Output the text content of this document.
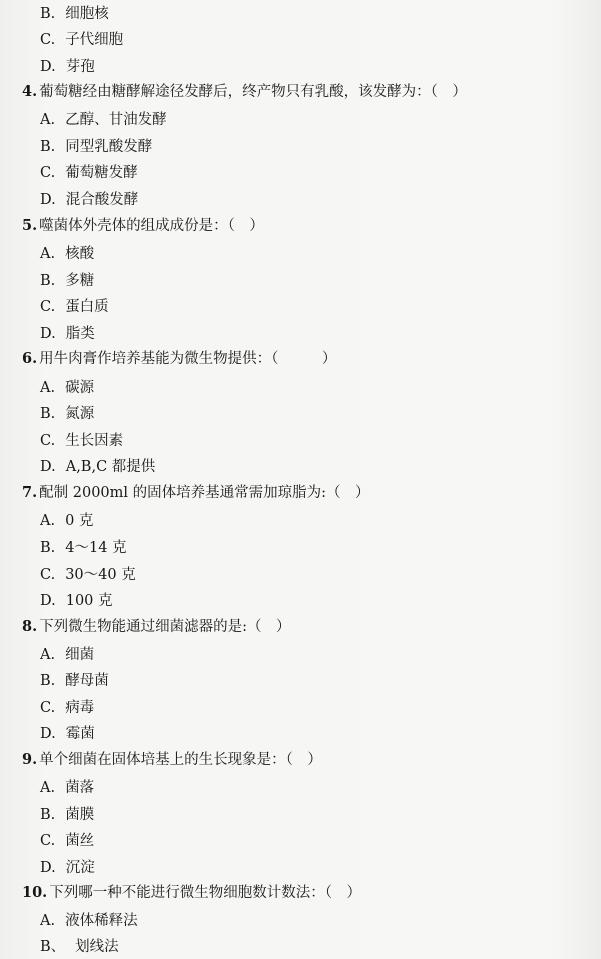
B. 细胞核
C. 子代细胞
D. 芽孢
4. 葡萄糖经由糖酵解途径发酵后，终产物只有乳酸，该发酵为：（　）
A. 乙醇、甘油发酵
B. 同型乳酸发酵
C. 葡萄糖发酵
D. 混合酸发酵
5. 噬菌体外壳体的组成成份是：（　）
A. 核酸
B. 多糖
C. 蛋白质
D. 脂类
6. 用牛肉膏作培养基能为微生物提供：（　　　）
A. 碳源
B. 氮源
C. 生长因素
D. A,B,C 都提供
7. 配制 2000ml 的固体培养基通常需加琼脂为:（　）
A. 0 克
B. 4～14 克
C. 30～40 克
D. 100 克
8. 下列微生物能通过细菌滤器的是:（　）
A. 细菌
B. 酵母菌
C. 病毒
D. 霉菌
9. 单个细菌在固体培基上的生长现象是：（　）
A. 菌落
B. 菌膜
C. 菌丝
D. 沉淀
10. 下列哪一种不能进行微生物细胞数计数法：（　）
A. 液体稀释法
B、 划线法
